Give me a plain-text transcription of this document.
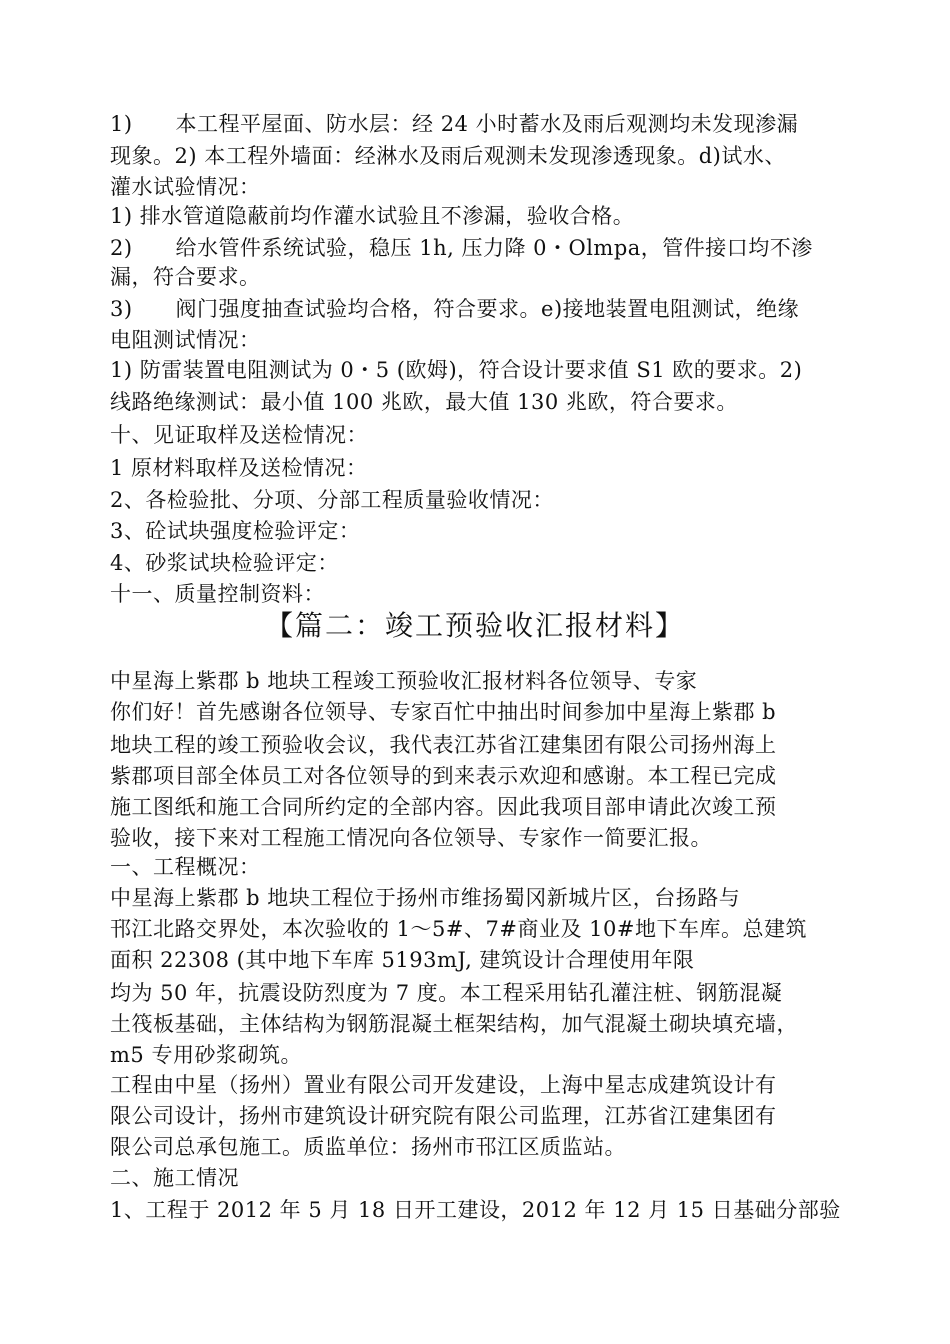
1)　　本工程平屋面、防水层：经 24 小时蓄水及雨后观测均未发现渗漏
现象。2) 本工程外墙面：经淋水及雨后观测未发现渗透现象。d)试水、
灌水试验情况：
1) 排水管道隐蔽前均作灌水试验且不渗漏，验收合格。
2)　　给水管件系统试验，稳压 1h, 压力降 0・Olmpa，管件接口均不渗
漏，符合要求。
3)　　阀门强度抽查试验均合格，符合要求。e)接地装置电阻测试，绝缘
电阻测试情况：
1) 防雷装置电阻测试为 0・5 (欧姆)，符合设计要求值 S1 欧的要求。2)
线路绝缘测试：最小值 100 兆欧，最大值 130 兆欧，符合要求。
十、见证取样及送检情况：
1 原材料取样及送检情况：
2、各检验批、分项、分部工程质量验收情况：
3、砼试块强度检验评定：
4、砂浆试块检验评定：
十一、质量控制资料：
【篇二：竣工预验收汇报材料】
中星海上紫郡 b 地块工程竣工预验收汇报材料各位领导、专家
你们好！首先感谢各位领导、专家百忙中抽出时间参加中星海上紫郡 b
地块工程的竣工预验收会议，我代表江苏省江建集团有限公司扬州海上
紫郡项目部全体员工对各位领导的到来表示欢迎和感谢。本工程已完成
施工图纸和施工合同所约定的全部内容。因此我项目部申请此次竣工预
验收，接下来对工程施工情况向各位领导、专家作一简要汇报。
一、工程概况：
中星海上紫郡 b 地块工程位于扬州市维扬蜀冈新城片区，台扬路与
邗江北路交界处，本次验收的 1〜5#、7#商业及 10#地下车库。总建筑
面积 22308 (其中地下车库 5193mJ, 建筑设计合理使用年限
均为 50 年，抗震设防烈度为 7 度。本工程采用钻孔灌注桩、钢筋混凝
土筏板基础，主体结构为钢筋混凝土框架结构，加气混凝土砌块填充墙，
m5 专用砂浆砌筑。
工程由中星（扬州）置业有限公司开发建设，上海中星志成建筑设计有
限公司设计，扬州市建筑设计研究院有限公司监理，江苏省江建集团有
限公司总承包施工。质监单位：扬州市邗江区质监站。
二、施工情况
1、工程于 2012 年 5 月 18 日开工建设，2012 年 12 月 15 日基础分部验
